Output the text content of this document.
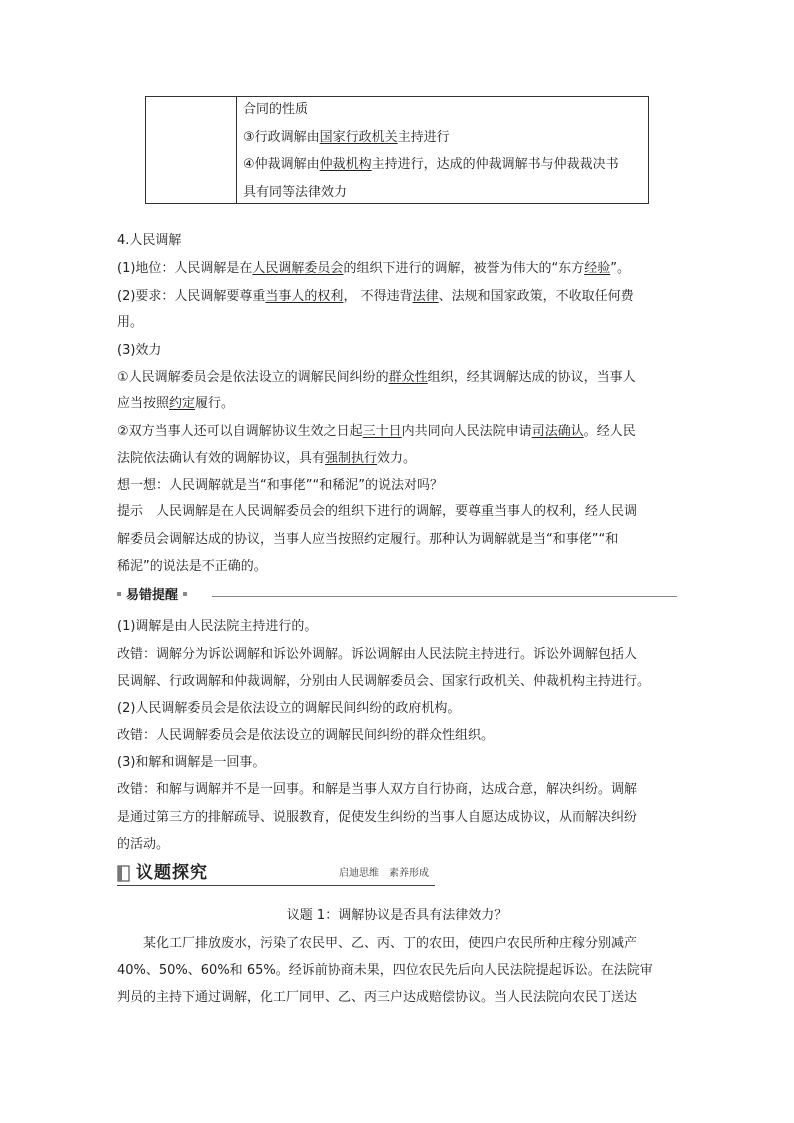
合同的性质
③行政调解由国家行政机关主持进行
④仲裁调解由仲裁机构主持进行，达成的仲裁调解书与仲裁裁决书
具有同等法律效力
4.人民调解
(1)地位：人民调解是在人民调解委员会的组织下进行的调解，被誉为伟大的“东方经验”。
(2)要求：人民调解要尊重当事人的权利， 不得违背法律、法规和国家政策，不收取任何费
用。
(3)效力
①人民调解委员会是依法设立的调解民间纠纷的群众性组织，经其调解达成的协议，当事人
应当按照约定履行。
②双方当事人还可以自调解协议生效之日起三十日内共同向人民法院申请司法确认。经人民
法院依法确认有效的调解协议，具有强制执行效力。
想一想：人民调解就是当“和事佬”“和稀泥”的说法对吗？
提示　人民调解是在人民调解委员会的组织下进行的调解，要尊重当事人的权利，经人民调
解委员会调解达成的协议，当事人应当按照约定履行。那种认为调解就是当“和事佬”“和
稀泥”的说法是不正确的。
易错提醒
(1)调解是由人民法院主持进行的。
改错：调解分为诉讼调解和诉讼外调解。诉讼调解由人民法院主持进行。诉讼外调解包括人
民调解、行政调解和仲裁调解，分别由人民调解委员会、国家行政机关、仲裁机构主持进行。
(2)人民调解委员会是依法设立的调解民间纠纷的政府机构。
改错：人民调解委员会是依法设立的调解民间纠纷的群众性组织。
(3)和解和调解是一回事。
改错：和解与调解并不是一回事。和解是当事人双方自行协商，达成合意，解决纠纷。调解
是通过第三方的排解疏导、说服教育，促使发生纠纷的当事人自愿达成协议，从而解决纠纷
的活动。
议题探究	启迪思维　素养形成
议题 1：调解协议是否具有法律效力？
　　某化工厂排放废水，污染了农民甲、乙、丙、丁的农田，使四户农民所种庄稼分别减产
40%、50%、60%和 65%。经诉前协商未果，四位农民先后向人民法院提起诉讼。在法院审
判员的主持下通过调解，化工厂同甲、乙、丙三户达成赔偿协议。当人民法院向农民丁送达
